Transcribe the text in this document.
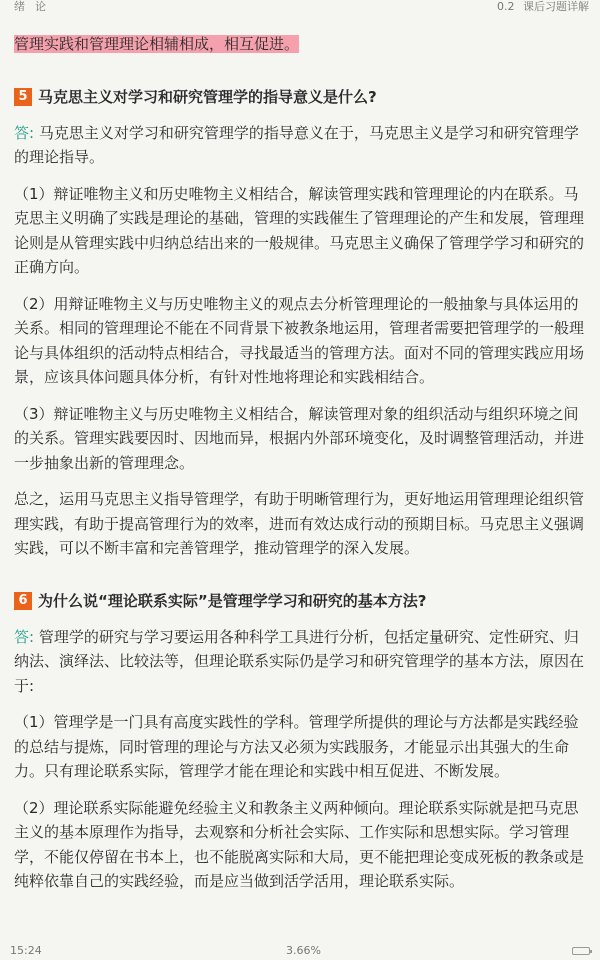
绪论	0.2 课后习题详解

管理实践和管理理论相辅相成，相互促进。

5 马克思主义对学习和研究管理学的指导意义是什么?

答: 马克思主义对学习和研究管理学的指导意义在于，马克思主义是学习和研究管理学的理论指导。

（1）辩证唯物主义和历史唯物主义相结合，解读管理实践和管理理论的内在联系。马克思主义明确了实践是理论的基础，管理的实践催生了管理理论的产生和发展，管理理论则是从管理实践中归纳总结出来的一般规律。马克思主义确保了管理学学习和研究的正确方向。

（2）用辩证唯物主义与历史唯物主义的观点去分析管理理论的一般抽象与具体运用的关系。相同的管理理论不能在不同背景下被教条地运用，管理者需要把管理学的一般理论与具体组织的活动特点相结合，寻找最适当的管理方法。面对不同的管理实践应用场景，应该具体问题具体分析，有针对性地将理论和实践相结合。

（3）辩证唯物主义与历史唯物主义相结合，解读管理对象的组织活动与组织环境之间的关系。管理实践要因时、因地而异，根据内外部环境变化，及时调整管理活动，并进一步抽象出新的管理理念。

总之，运用马克思主义指导管理学，有助于明晰管理行为，更好地运用管理理论组织管理实践，有助于提高管理行为的效率，进而有效达成行动的预期目标。马克思主义强调实践，可以不断丰富和完善管理学，推动管理学的深入发展。

6 为什么说“理论联系实际”是管理学学习和研究的基本方法?

答: 管理学的研究与学习要运用各种科学工具进行分析，包括定量研究、定性研究、归纳法、演绎法、比较法等，但理论联系实际仍是学习和研究管理学的基本方法，原因在于:

（1）管理学是一门具有高度实践性的学科。管理学所提供的理论与方法都是实践经验的总结与提炼，同时管理的理论与方法又必须为实践服务，才能显示出其强大的生命力。只有理论联系实际，管理学才能在理论和实践中相互促进、不断发展。

（2）理论联系实际能避免经验主义和教条主义两种倾向。理论联系实际就是把马克思主义的基本原理作为指导，去观察和分析社会实际、工作实际和思想实际。学习管理学，不能仅停留在书本上，也不能脱离实际和大局，更不能把理论变成死板的教条或是纯粹依靠自己的实践经验，而是应当做到活学活用，理论联系实际。

15:24	3.66%
